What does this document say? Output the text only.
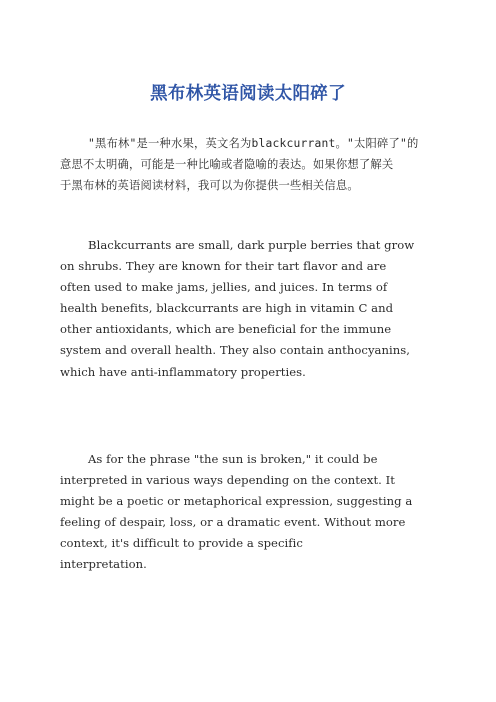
黑布林英语阅读太阳碎了

"黑布林"是一种水果，英文名为blackcurrant。"太阳碎了"的
意思不太明确，可能是一种比喻或者隐喻的表达。如果你想了解关
于黑布林的英语阅读材料，我可以为你提供一些相关信息。

Blackcurrants are small, dark purple berries that grow
on shrubs. They are known for their tart flavor and are
often used to make jams, jellies, and juices. In terms of
health benefits, blackcurrants are high in vitamin C and
other antioxidants, which are beneficial for the immune
system and overall health. They also contain anthocyanins,
which have anti-inflammatory properties.

As for the phrase "the sun is broken," it could be
interpreted in various ways depending on the context. It
might be a poetic or metaphorical expression, suggesting a
feeling of despair, loss, or a dramatic event. Without more
context, it's difficult to provide a specific
interpretation.
